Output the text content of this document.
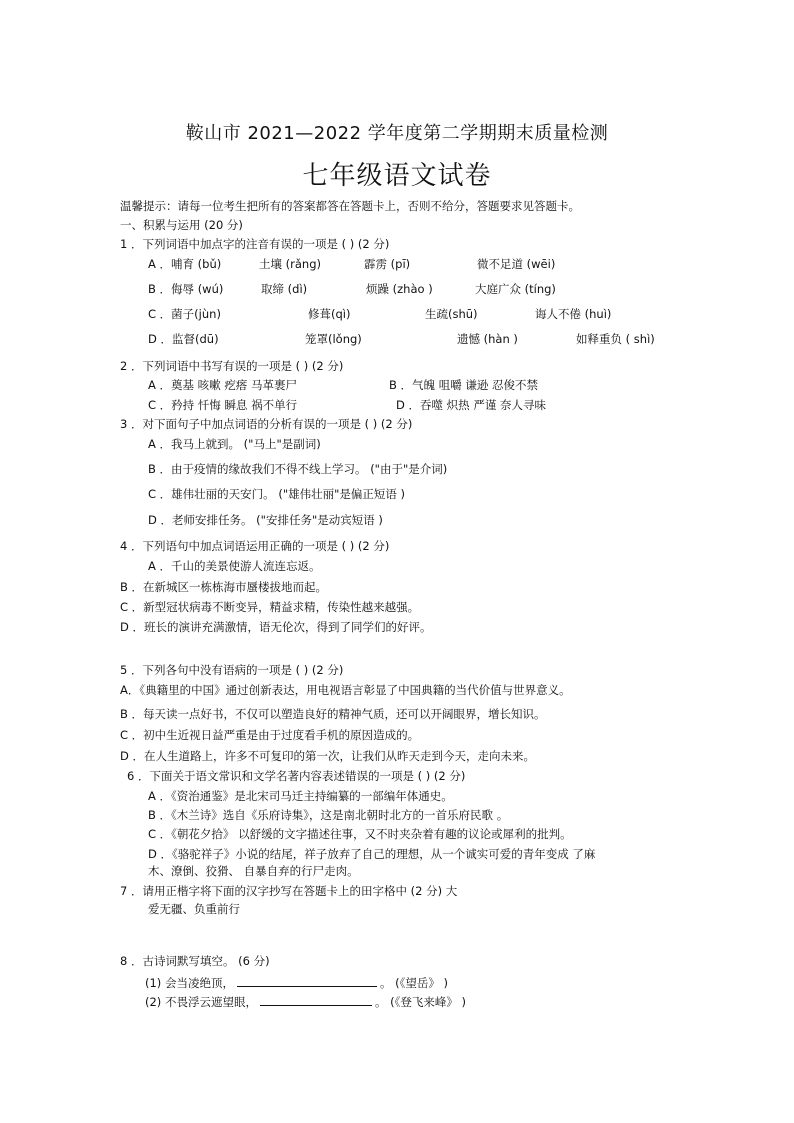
鞍山市 2021—2022 学年度第二学期期末质量检测
七年级语文试卷
温馨提示：请每一位考生把所有的答案都答在答题卡上，否则不给分，答题要求见答题卡。
一、积累与运用 (20 分)
1 ．下列词语中加点字的注音有误的一项是 ( ) (2 分)
A ．哺育 (bǔ)	土壤 (rǎng)	霹雳 (pī)	微不足道 (wēi)
B ．侮辱 (wú)	取缔 (dì)	烦躁 (zhào )	大庭广众 (tíng)
C ．菌子(jùn)	修葺(qì)	生疏(shū)	诲人不倦 (huì)
D ．监督(dū)	笼罩(lǒng)	遗憾 (hàn )	如释重负 ( shì)
2 ．下列词语中书写有误的一项是 ( ) (2 分)
A ．奠基 咳嗽 疙瘩 马革裹尸	B ．气魄 咀嚼 谦逊 忍俊不禁
C ．矜持 忏悔 瞬息 祸不单行	D ．吞噬 炽热 严谨 奈人寻味
3 ．对下面句子中加点词语的分析有误的一项是 ( ) (2 分)
A ．我马上就到。 ("马上"是副词)
B ．由于疫情的缘故我们不得不线上学习。 ("由于"是介词)
C ．雄伟壮丽的天安门。 ("雄伟壮丽"是偏正短语 )
D ．老师安排任务。 ("安排任务"是动宾短语 )
4 ．下列语句中加点词语运用正确的一项是 ( ) (2 分)
A ．千山的美景使游人流连忘返。
B ．在新城区一栋栋海市蜃楼拔地而起。
C ．新型冠状病毒不断变异，精益求精，传染性越来越强。
D ．班长的演讲充满激情，语无伦次，得到了同学们的好评。
5 ．下列各句中没有语病的一项是 ( ) (2 分)
A．《典籍里的中国》通过创新表达，用电视语言彰显了中国典籍的当代价值与世界意义。
B ．每天读一点好书，不仅可以塑造良好的精神气质，还可以开阔眼界，增长知识。
C ．初中生近视日益严重是由于过度看手机的原因造成的。
D ．在人生道路上，许多不可复印的第一次，让我们从昨天走到今天，走向未来。
6 ．下面关于语文常识和文学名著内容表述错误的一项是 ( ) (2 分)
A ．《资治通鉴》是北宋司马迁主持编纂的一部编年体通史。
B ．《木兰诗》选自《乐府诗集》，这是南北朝时北方的一首乐府民歌 。
C ．《朝花夕拾》 以舒缓的文字描述往事，又不时夹杂着有趣的议论或犀利的批判。
D ．《骆驼祥子》小说的结尾，祥子放弃了自己的理想，从一个诚实可爱的青年变成 了麻
木、潦倒、狡猾、 自暴自弃的行尸走肉。
7 ．请用正楷字将下面的汉字抄写在答题卡上的田字格中 (2 分) 大
爱无疆、负重前行
8 ．古诗词默写填空。 (6 分)
(1) 会当凌绝顶，	。 (《望岳》 )
(2) 不畏浮云遮望眼，	。 (《登飞来峰》 )
